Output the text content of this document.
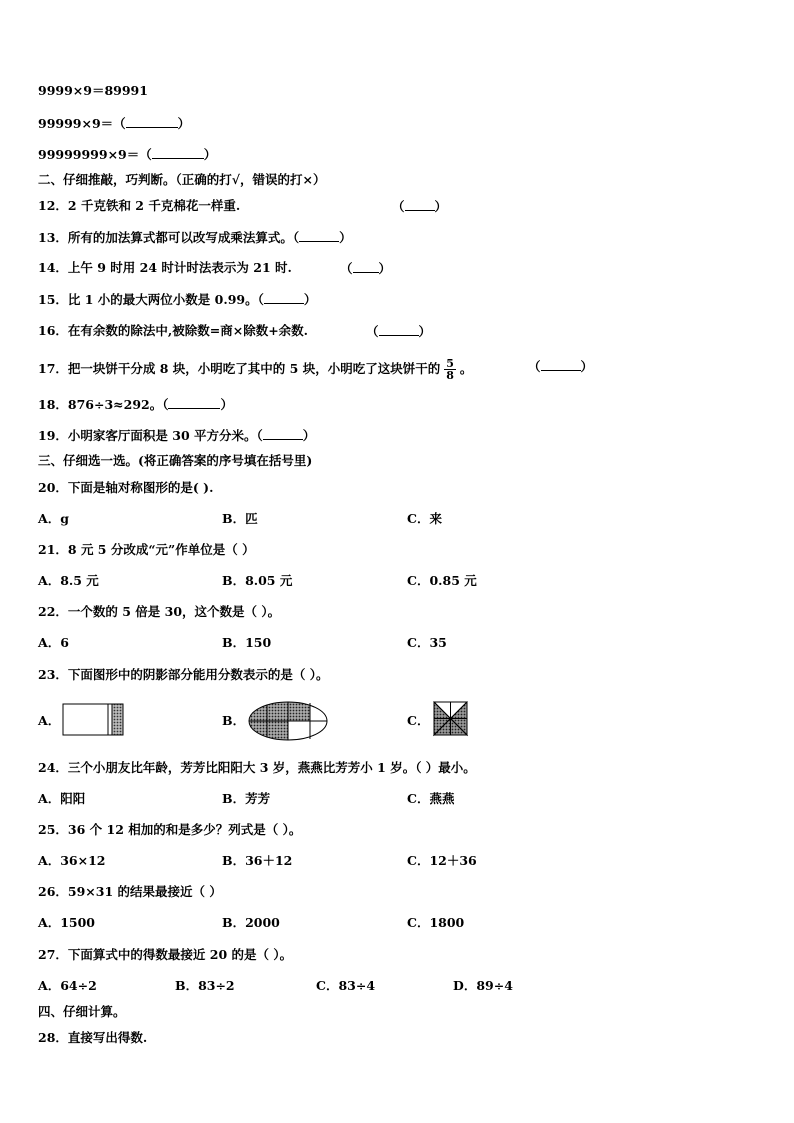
9999×9＝89991
99999×9＝（	）
99999999×9＝（	）
二、仔细推敲，巧判断。（正确的打√，错误的打×）
12．2 千克铁和 2 千克棉花一样重.	（ ）
13．所有的加法算式都可以改写成乘法算式。（	）
14．上午 9 时用 24 时计时法表示为 21 时.	（ ）
15．比 1 小的最大两位小数是 0.99。（	）
16．在有余数的除法中,被除数=商×除数+余数.	（	）
17．把一块饼干分成 8 块，小明吃了其中的 5 块，小明吃了这块饼干的 $\frac{5}{8}$ 。	（	）
18．876÷3≈292。（	）
19．小明家客厅面积是 30 平方分米。（	）
三、仔细选一选。(将正确答案的序号填在括号里)
20．下面是轴对称图形的是( ).
A．g	B．匹	C．来
21．8 元 5 分改成“元”作单位是（ ）
A．8.5 元	B．8.05 元	C．0.85 元
22．一个数的 5 倍是 30，这个数是（ ）。
A．6	B．150	C．35
23．下面图形中的阴影部分能用分数表示的是（ ）。
A．	B．	C．
24．三个小朋友比年龄，芳芳比阳阳大 3 岁，燕燕比芳芳小 1 岁。（ ）最小。
A．阳阳	B．芳芳	C．燕燕
25．36 个 12 相加的和是多少？列式是（ ）。
A．36×12	B．36＋12	C．12＋36
26．59×31 的结果最接近（ ）
A．1500	B．2000	C．1800
27．下面算式中的得数最接近 20 的是（ ）。
A．64÷2	B．83÷2	C．83÷4	D．89÷4
四、仔细计算。
28．直接写出得数.
